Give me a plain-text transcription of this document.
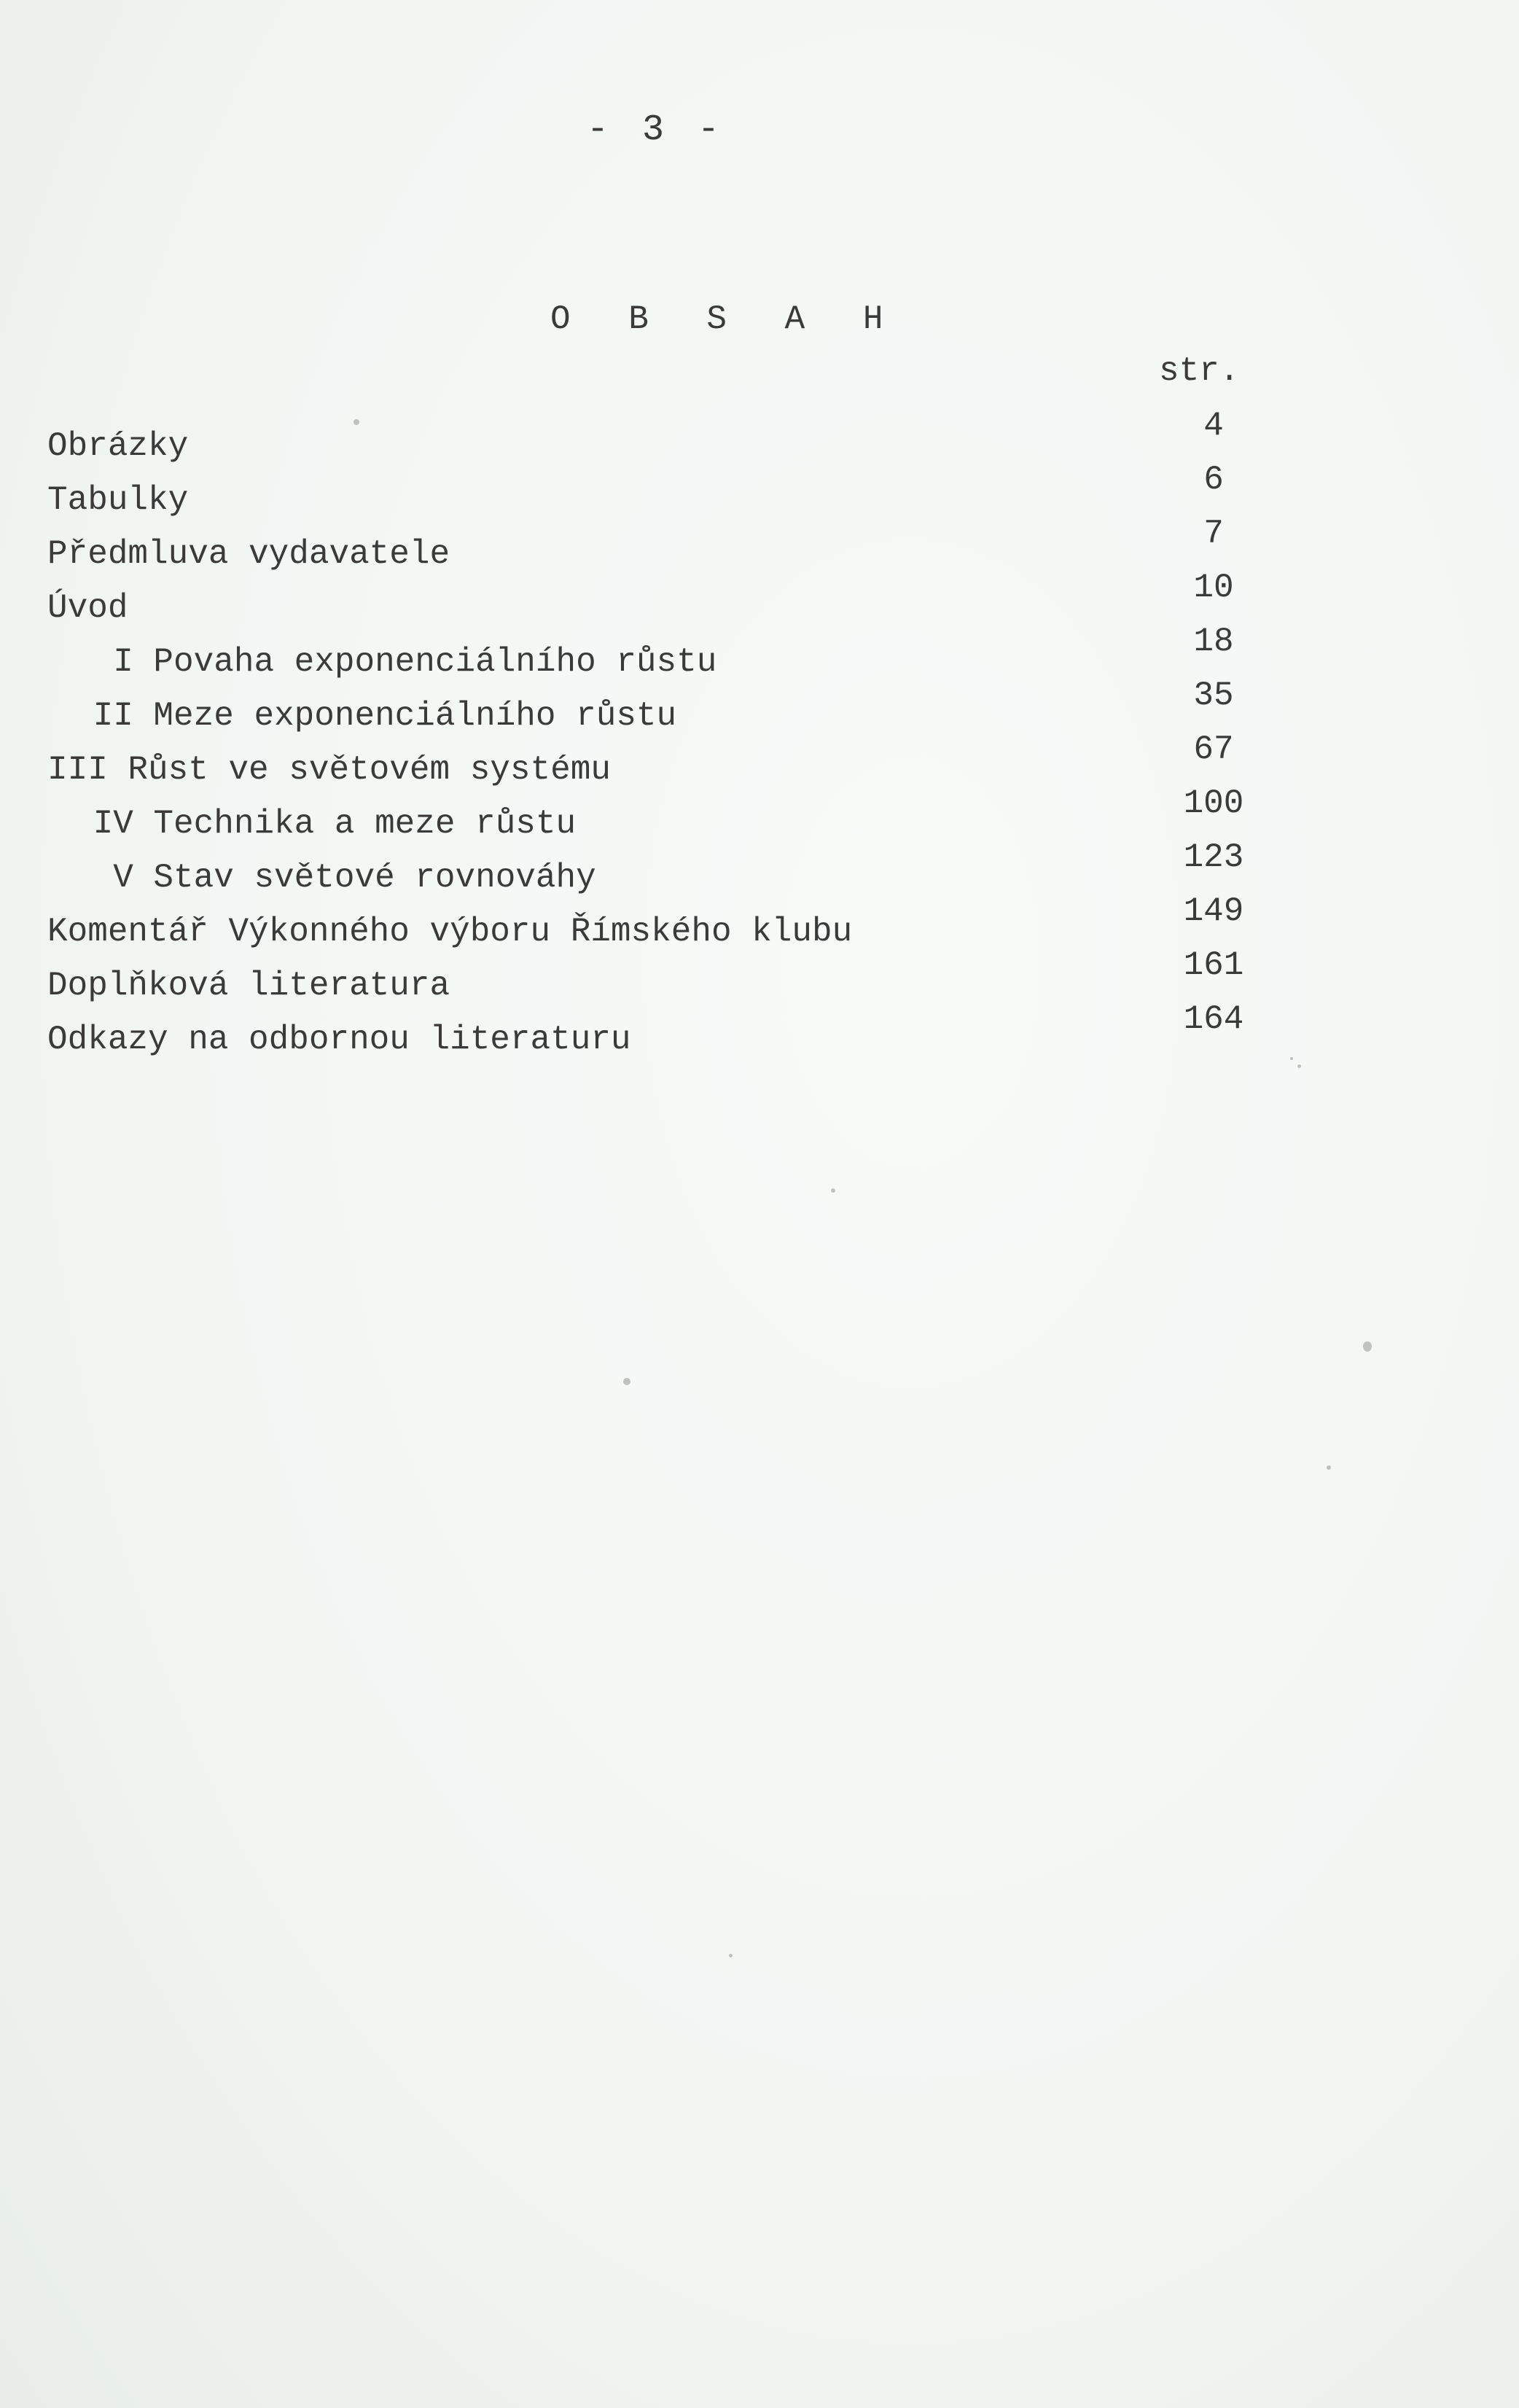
- 3 -
O B S A H
str.
Obrázky
4
Tabulky
6
Předmluva vydavatele
7
Úvod
10
I Povaha exponenciálního růstu
18
II Meze exponenciálního růstu
35
III Růst ve světovém systému
67
IV Technika a meze růstu
100
V Stav světové rovnováhy
123
Komentář Výkonného výboru Římského klubu
149
Doplňková literatura
161
Odkazy na odbornou literaturu
164
